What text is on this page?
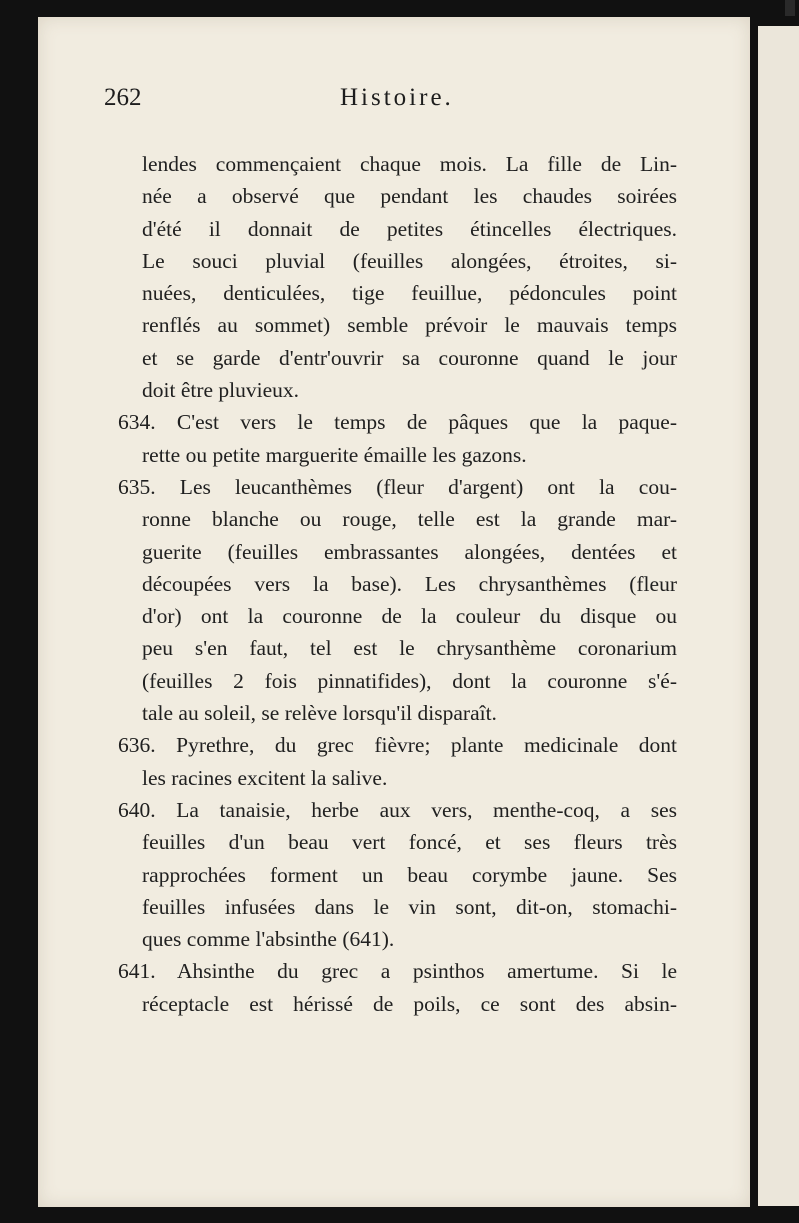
262	Histoire.
lendes commençaient chaque mois. La fille de Lin-
née a observé que pendant les chaudes soirées
d'été il donnait de petites étincelles électriques.
Le souci pluvial (feuilles alongées, étroites, si-
nuées, denticulées, tige feuillue, pédoncules point
renflés au sommet) semble prévoir le mauvais temps
et se garde d'entr'ouvrir sa couronne quand le jour
doit être pluvieux.
634. C'est vers le temps de pâques que la paque-
rette ou petite marguerite émaille les gazons.
635. Les leucanthèmes (fleur d'argent) ont la cou-
ronne blanche ou rouge, telle est la grande mar-
guerite (feuilles embrassantes alongées, dentées et
découpées vers la base). Les chrysanthèmes (fleur
d'or) ont la couronne de la couleur du disque ou
peu s'en faut, tel est le chrysanthème coronarium
(feuilles 2 fois pinnatifides), dont la couronne s'é-
tale au soleil, se relève lorsqu'il disparaît.
636. Pyrethre, du grec fièvre; plante medicinale dont
les racines excitent la salive.
640. La tanaisie, herbe aux vers, menthe-coq, a ses
feuilles d'un beau vert foncé, et ses fleurs très
rapprochées forment un beau corymbe jaune. Ses
feuilles infusées dans le vin sont, dit-on, stomachi-
ques comme l'absinthe (641).
641. Ahsinthe du grec a psinthos amertume. Si le
réceptacle est hérissé de poils, ce sont des absin-
